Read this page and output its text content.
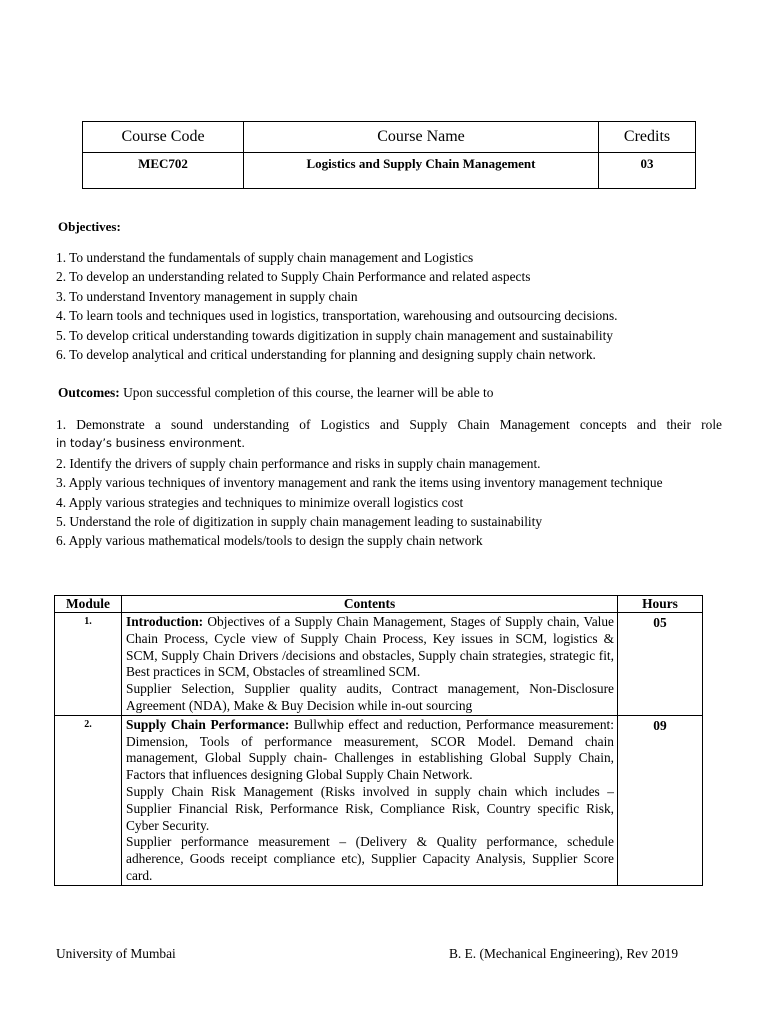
Course Code	Course Name	Credits
MEC702	Logistics and Supply Chain Management	03
Objectives:
1. To understand the fundamentals of supply chain management and Logistics
2. To develop an understanding related to Supply Chain Performance and related aspects
3. To understand Inventory management in supply chain
4. To learn tools and techniques used in logistics, transportation, warehousing and outsourcing decisions.
5. To develop critical understanding towards digitization in supply chain management and sustainability
6. To develop analytical and critical understanding for planning and designing supply chain network.
Outcomes: Upon successful completion of this course, the learner will be able to
1. Demonstrate a sound understanding of Logistics and Supply Chain Management concepts and their role
in today’s business environment.
2. Identify the drivers of supply chain performance and risks in supply chain management.
3. Apply various techniques of inventory management and rank the items using inventory management technique
4. Apply various strategies and techniques to minimize overall logistics cost
5. Understand the role of digitization in supply chain management leading to sustainability
6. Apply various mathematical models/tools to design the supply chain network
Module	Contents	Hours
1.	Introduction: Objectives of a Supply Chain Management, Stages of Supply chain, Value Chain Process, Cycle view of Supply Chain Process, Key issues in SCM, logistics & SCM, Supply Chain Drivers /decisions and obstacles, Supply chain strategies, strategic fit, Best practices in SCM, Obstacles of streamlined SCM.

Supplier Selection, Supplier quality audits, Contract management, Non-Disclosure Agreement (NDA), Make & Buy Decision while in-out sourcing	05
2.	Supply Chain Performance: Bullwhip effect and reduction, Performance measurement: Dimension, Tools of performance measurement, SCOR Model. Demand chain management, Global Supply chain- Challenges in establishing Global Supply Chain, Factors that influences designing Global Supply Chain Network.

Supply Chain Risk Management (Risks involved in supply chain which includes – Supplier Financial Risk, Performance Risk, Compliance Risk, Country specific Risk, Cyber Security.

Supplier performance measurement – (Delivery & Quality performance, schedule adherence, Goods receipt compliance etc), Supplier Capacity Analysis, Supplier Score card.	09
University of Mumbai	B. E. (Mechanical Engineering), Rev 2019
